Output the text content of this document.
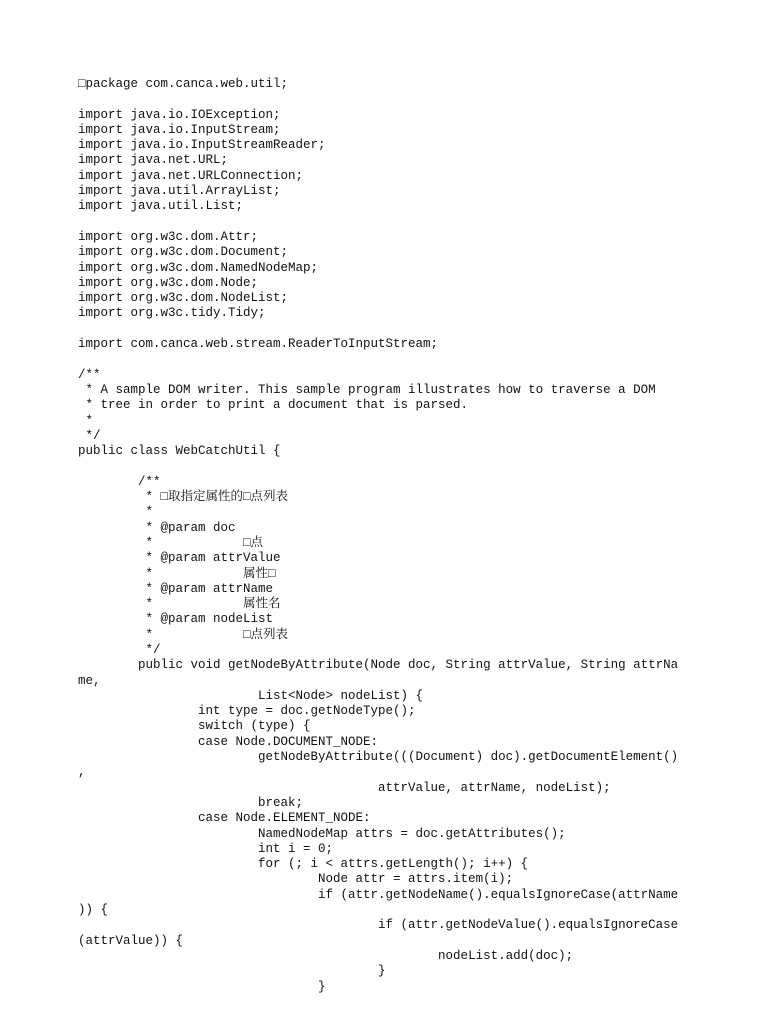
□package com.canca.web.util;
import java.io.IOException;
import java.io.InputStream;
import java.io.InputStreamReader;
import java.net.URL;
import java.net.URLConnection;
import java.util.ArrayList;
import java.util.List;
import org.w3c.dom.Attr;
import org.w3c.dom.Document;
import org.w3c.dom.NamedNodeMap;
import org.w3c.dom.Node;
import org.w3c.dom.NodeList;
import org.w3c.tidy.Tidy;
import com.canca.web.stream.ReaderToInputStream;
/**
* A sample DOM writer. This sample program illustrates how to traverse a DOM
* tree in order to print a document that is parsed.
*
*/
public class WebCatchUtil {
/**
* □取指定属性的□点列表
*
* @param doc
*            □点
* @param attrValue
*            属性□
* @param attrName
*            属性名
* @param nodeList
*            □点列表
*/
public void getNodeByAttribute(Node doc, String attrValue, String attrNa
me,
List<Node> nodeList) {
int type = doc.getNodeType();
switch (type) {
case Node.DOCUMENT_NODE:
getNodeByAttribute(((Document) doc).getDocumentElement()
,
attrValue, attrName, nodeList);
break;
case Node.ELEMENT_NODE:
NamedNodeMap attrs = doc.getAttributes();
int i = 0;
for (; i < attrs.getLength(); i++) {
Node attr = attrs.item(i);
if (attr.getNodeName().equalsIgnoreCase(attrName
)) {
if (attr.getNodeValue().equalsIgnoreCase
(attrValue)) {
nodeList.add(doc);
}
}
